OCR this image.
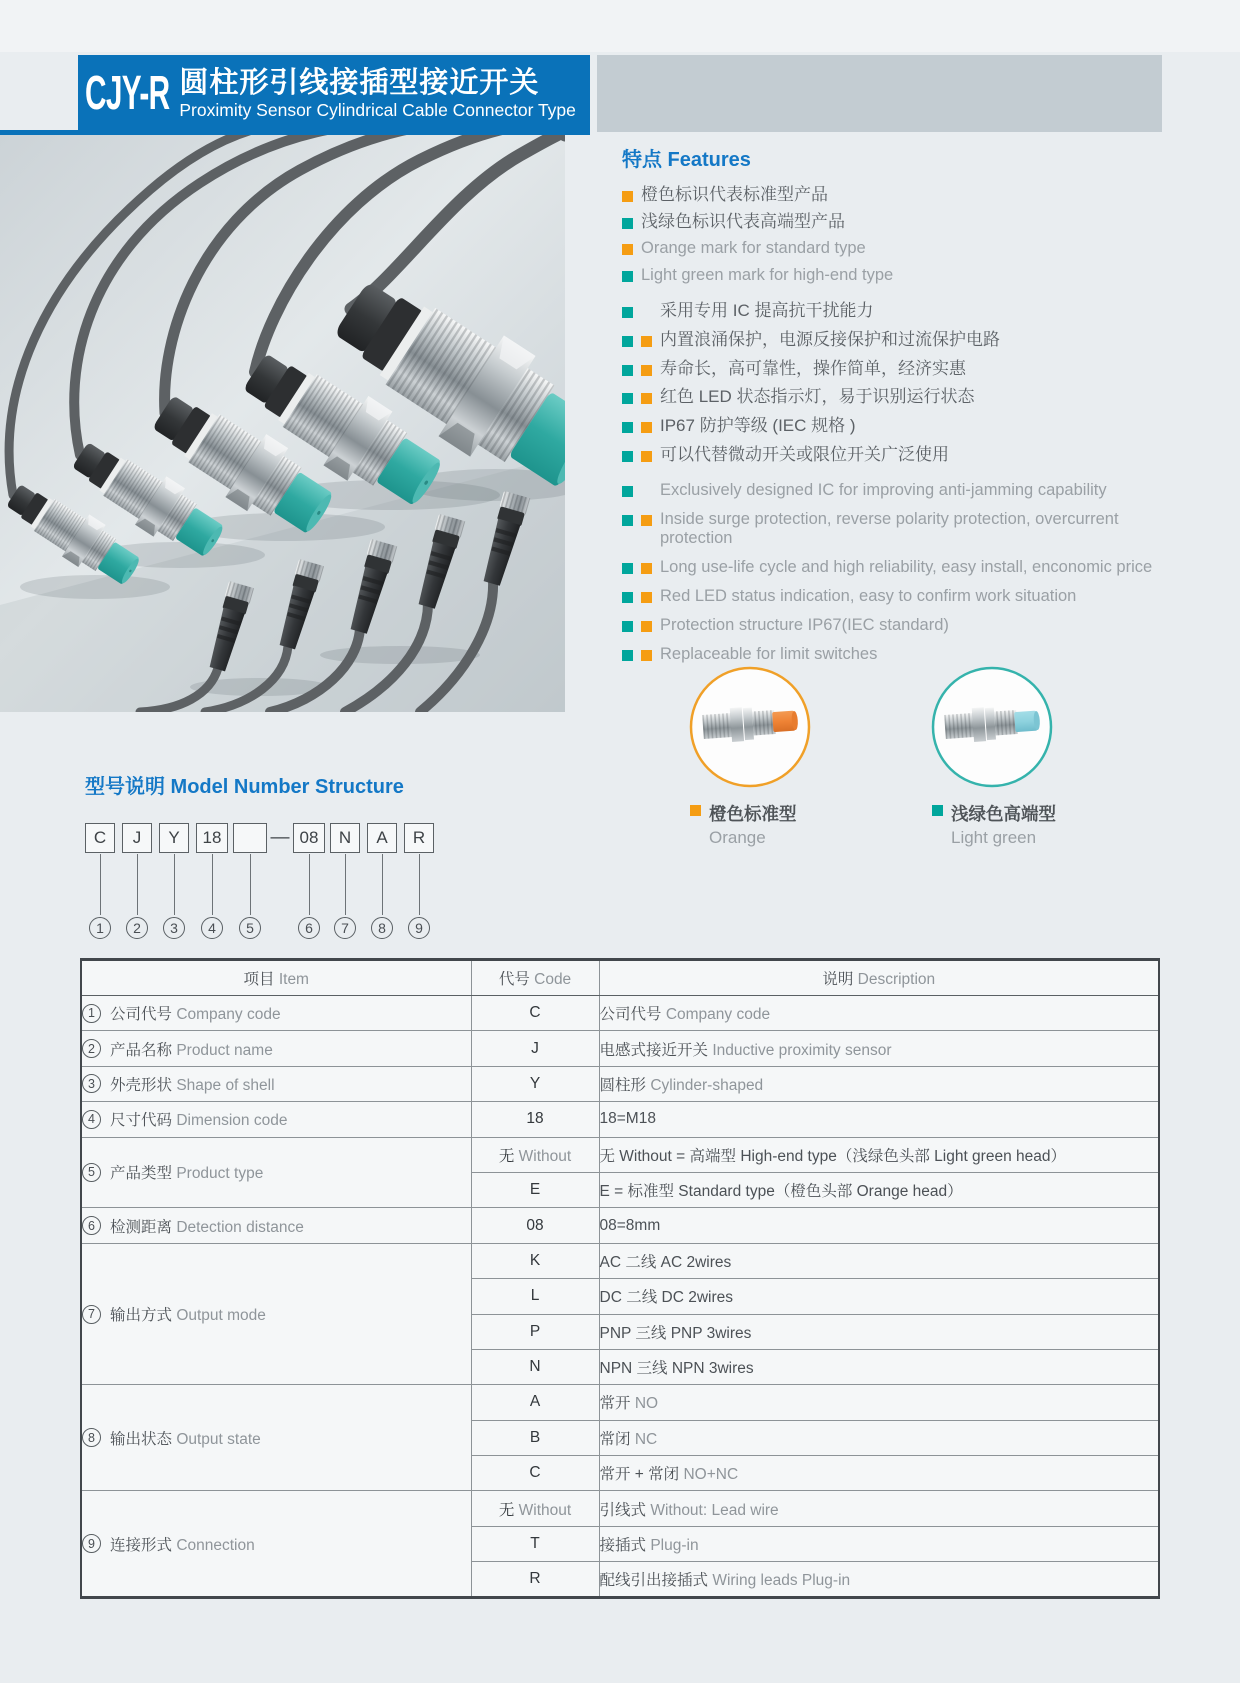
CJY-R 圆柱形引线接插型接近开关
Proximity Sensor Cylindrical Cable Connector Type
特点 Features
橙色标识代表标准型产品
浅绿色标识代表高端型产品
Orange mark for standard type
Light green mark for high-end type
采用专用 IC 提高抗干扰能力
内置浪涌保护，电源反接保护和过流保护电路
寿命长，高可靠性，操作简单，经济实惠
红色 LED 状态指示灯，易于识别运行状态
IP67 防护等级 (IEC 规格 )
可以代替微动开关或限位开关广泛使用
Exclusively designed IC for improving anti-jamming capability
Inside surge protection, reverse polarity protection, overcurrent protection
Long use-life cycle and high reliability, easy install, enconomic price
Red LED status indication, easy to confirm work situation
Protection structure IP67(IEC standard)
Replaceable for limit switches
橙色标准型
Orange
浅绿色高端型
Light green
型号说明 Model Number Structure
C	J	Y	18	— 08	N	A	R
1	2	3	4	5	6	7	8	9
项目 Item	代号 Code	说明 Description

1 公司代号 Company code	C	公司代号 Company code

2 产品名称 Product name	J	电感式接近开关 Inductive proximity sensor

3 外壳形状 Shape of shell	Y	圆柱形 Cylinder-shaped

4 尺寸代码 Dimension code	18	18=M18

5 产品类型 Product type	无 Without	无 Without = 高端型 High-end type（浅绿色头部 Light green head）
	E	E = 标准型 Standard type（橙色头部 Orange head）

6 检测距离 Detection distance	08	08=8mm

7 输出方式 Output mode	K	AC 二线 AC 2wires
	L	DC 二线 DC 2wires
	P	PNP 三线 PNP 3wires
	N	NPN 三线 NPN 3wires

8 输出状态 Output state	A	常开 NO
	B	常闭 NC
	C	常开 + 常闭 NO+NC

9 连接形式 Connection	无 Without	引线式 Without: Lead wire
	T	接插式 Plug-in
	R	配线引出接插式 Wiring leads Plug-in
